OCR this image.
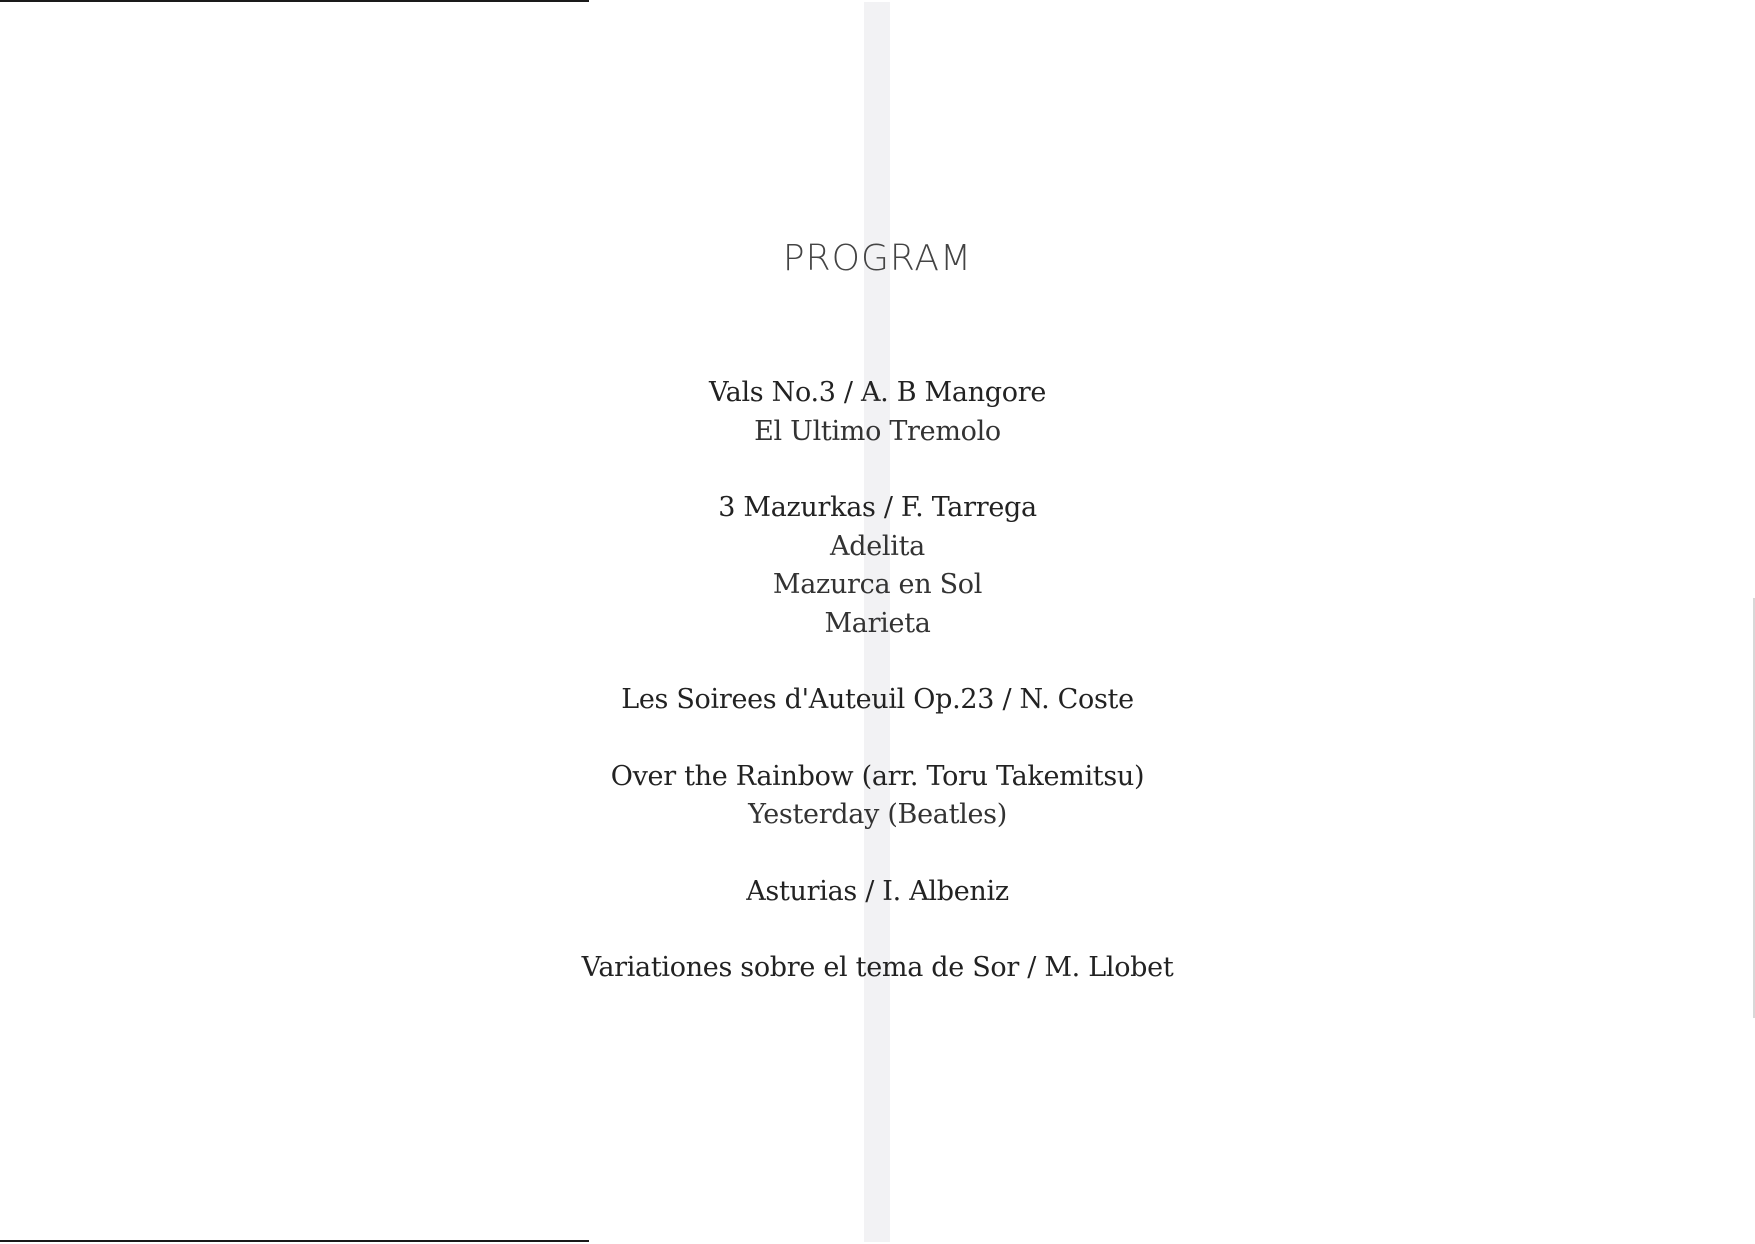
PROGRAM
Vals No.3 / A. B Mangore
El Ultimo Tremolo
3 Mazurkas / F. Tarrega
Adelita
Mazurca en Sol
Marieta
Les Soirees d'Auteuil Op.23 / N. Coste
Over the Rainbow (arr. Toru Takemitsu)
Yesterday (Beatles)
Asturias / I. Albeniz
Variationes sobre el tema de Sor / M. Llobet
